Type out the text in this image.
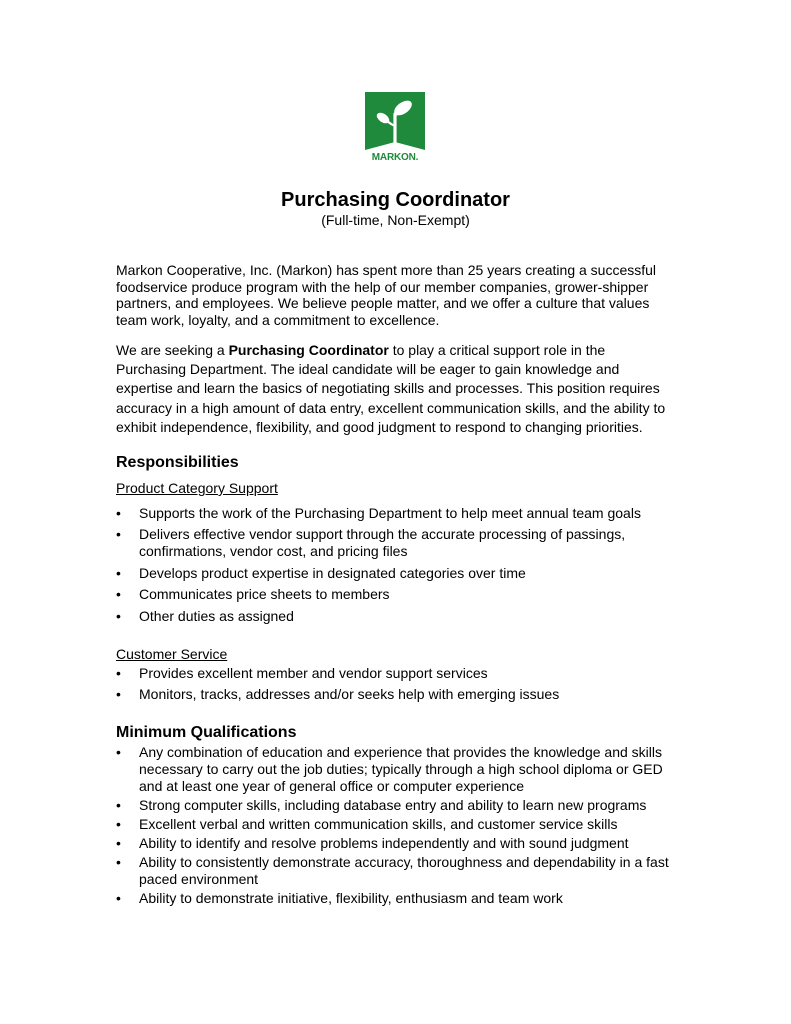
MARKON.
Purchasing Coordinator
(Full-time, Non-Exempt)
Markon Cooperative, Inc. (Markon) has spent more than 25 years creating a successful foodservice produce program with the help of our member companies, grower-shipper partners, and employees. We believe people matter, and we offer a culture that values team work, loyalty, and a commitment to excellence.
We are seeking a Purchasing Coordinator to play a critical support role in the Purchasing Department. The ideal candidate will be eager to gain knowledge and expertise and learn the basics of negotiating skills and processes. This position requires accuracy in a high amount of data entry, excellent communication skills, and the ability to exhibit independence, flexibility, and good judgment to respond to changing priorities.
Responsibilities
Product Category Support
• Supports the work of the Purchasing Department to help meet annual team goals
• Delivers effective vendor support through the accurate processing of passings, confirmations, vendor cost, and pricing files
• Develops product expertise in designated categories over time
• Communicates price sheets to members
• Other duties as assigned
Customer Service
• Provides excellent member and vendor support services
• Monitors, tracks, addresses and/or seeks help with emerging issues
Minimum Qualifications
• Any combination of education and experience that provides the knowledge and skills necessary to carry out the job duties; typically through a high school diploma or GED and at least one year of general office or computer experience
• Strong computer skills, including database entry and ability to learn new programs
• Excellent verbal and written communication skills, and customer service skills
• Ability to identify and resolve problems independently and with sound judgment
• Ability to consistently demonstrate accuracy, thoroughness and dependability in a fast paced environment
• Ability to demonstrate initiative, flexibility, enthusiasm and team work
